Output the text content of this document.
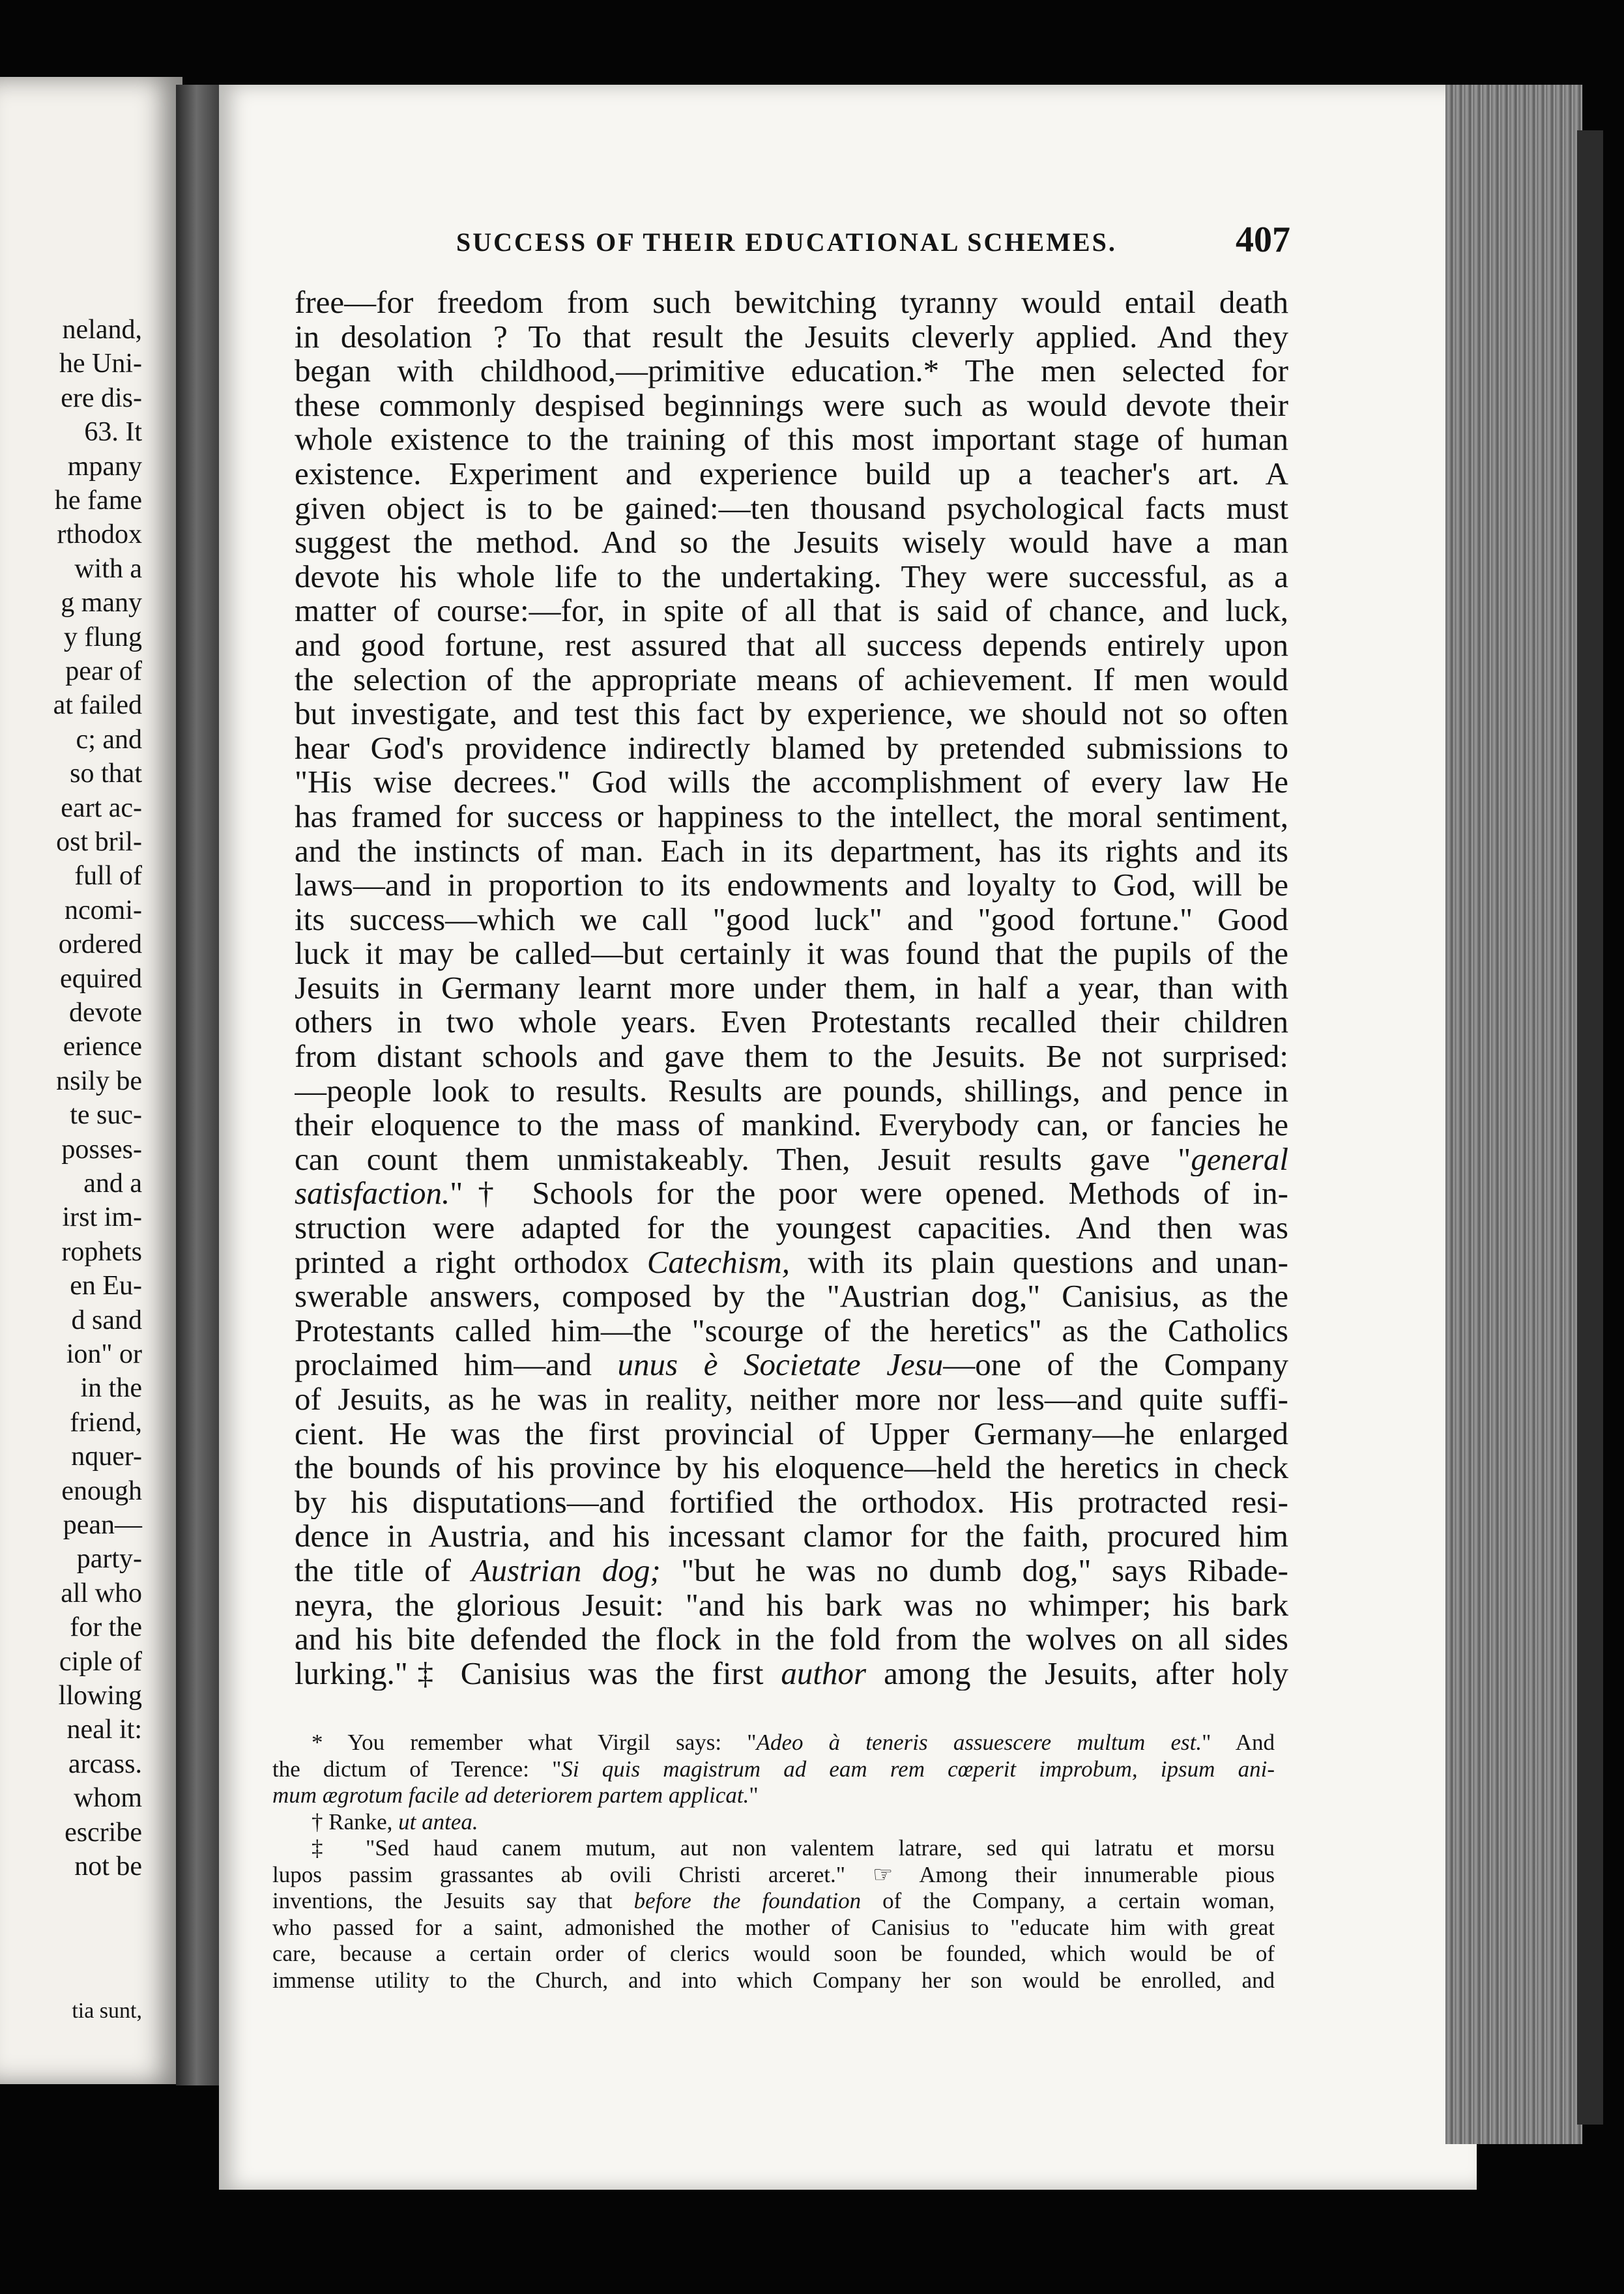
neland,

he Uni-

ere dis-

63. It

mpany

he fame

rthodox

with a

g many

y flung

pear of

at failed

c; and

so that

eart ac-

ost bril-

full of

ncomi-

ordered

equired

devote

erience

nsily be

te suc-

posses-

and a

irst im-

rophets

en Eu-

d sand

ion" or

in the

friend,

nquer-

enough

pean—

party-

all who

for the

ciple of

llowing

neal it:

arcass.

whom

escribe

not be

tia sunt,

SUCCESS OF THEIR EDUCATIONAL SCHEMES.	407

free—for freedom from such bewitching tyranny would entail death

in desolation ? To that result the Jesuits cleverly applied. And they

began with childhood,—primitive education.* The men selected for

these commonly despised beginnings were such as would devote their

whole existence to the training of this most important stage of human

existence. Experiment and experience build up a teacher's art. A

given object is to be gained:—ten thousand psychological facts must

suggest the method. And so the Jesuits wisely would have a man

devote his whole life to the undertaking. They were successful, as a

matter of course:—for, in spite of all that is said of chance, and luck,

and good fortune, rest assured that all success depends entirely upon

the selection of the appropriate means of achievement. If men would

but investigate, and test this fact by experience, we should not so often

hear God's providence indirectly blamed by pretended submissions to

"His wise decrees." God wills the accomplishment of every law He

has framed for success or happiness to the intellect, the moral sentiment,

and the instincts of man. Each in its department, has its rights and its

laws—and in proportion to its endowments and loyalty to God, will be

its success—which we call "good luck" and "good fortune." Good

luck it may be called—but certainly it was found that the pupils of the

Jesuits in Germany learnt more under them, in half a year, than with

others in two whole years. Even Protestants recalled their children

from distant schools and gave them to the Jesuits. Be not surprised:

—people look to results. Results are pounds, shillings, and pence in

their eloquence to the mass of mankind. Everybody can, or fancies he

can count them unmistakeably. Then, Jesuit results gave "general

satisfaction."† Schools for the poor were opened. Methods of in-

struction were adapted for the youngest capacities. And then was

printed a right orthodox Catechism, with its plain questions and unan-

swerable answers, composed by the "Austrian dog," Canisius, as the

Protestants called him—the "scourge of the heretics" as the Catholics

proclaimed him—and unus è Societate Jesu—one of the Company

of Jesuits, as he was in reality, neither more nor less—and quite suffi-

cient. He was the first provincial of Upper Germany—he enlarged

the bounds of his province by his eloquence—held the heretics in check

by his disputations—and fortified the orthodox. His protracted resi-

dence in Austria, and his incessant clamor for the faith, procured him

the title of Austrian dog; "but he was no dumb dog," says Ribade-

neyra, the glorious Jesuit: "and his bark was no whimper; his bark

and his bite defended the flock in the fold from the wolves on all sides

lurking."‡ Canisius was the first author among the Jesuits, after holy

* You remember what Virgil says: "Adeo à teneris assuescere multum est." And

the dictum of Terence: "Si quis magistrum ad eam rem cœperit improbum, ipsum ani-

mum ægrotum facile ad deteriorem partem applicat."

† Ranke, ut antea.

‡ "Sed haud canem mutum, aut non valentem latrare, sed qui latratu et morsu

lupos passim grassantes ab ovili Christi arceret." ☞ Among their innumerable pious

inventions, the Jesuits say that before the foundation of the Company, a certain woman,

who passed for a saint, admonished the mother of Canisius to "educate him with great

care, because a certain order of clerics would soon be founded, which would be of

immense utility to the Church, and into which Company her son would be enrolled, and
